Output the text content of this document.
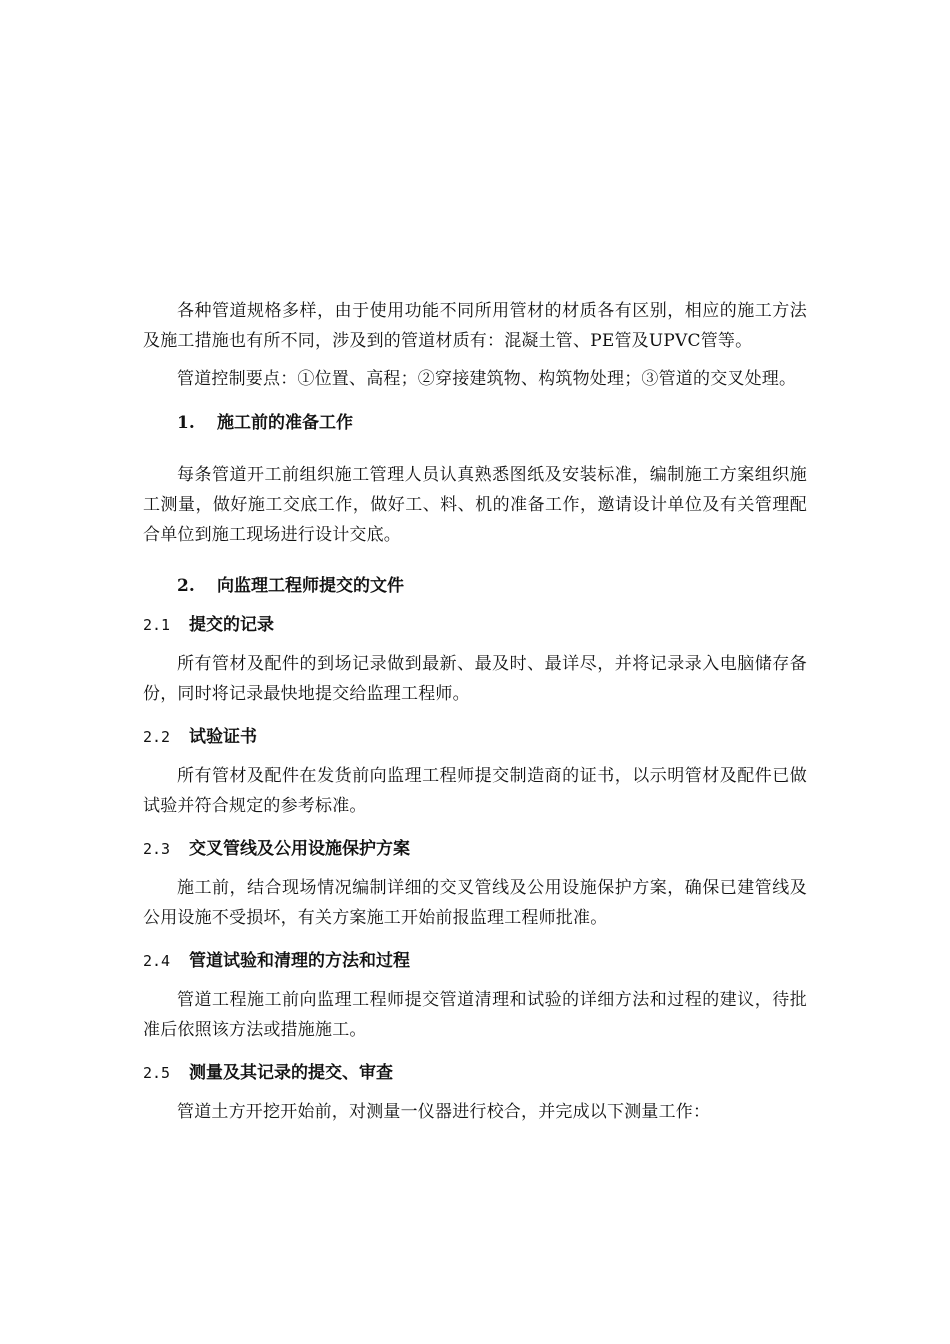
各种管道规格多样，由于使用功能不同所用管材的材质各有区别，相应的施工方法及施工措施也有所不同，涉及到的管道材质有：混凝土管、PE管及UPVC管等。

管道控制要点：①位置、高程；②穿接建筑物、构筑物处理；③管道的交叉处理。

1. 施工前的准备工作

每条管道开工前组织施工管理人员认真熟悉图纸及安装标准，编制施工方案组织施工测量，做好施工交底工作，做好工、料、机的准备工作，邀请设计单位及有关管理配合单位到施工现场进行设计交底。

2. 向监理工程师提交的文件
2.1 提交的记录

所有管材及配件的到场记录做到最新、最及时、最详尽，并将记录录入电脑储存备份，同时将记录最快地提交给监理工程师。

2.2 试验证书

所有管材及配件在发货前向监理工程师提交制造商的证书，以示明管材及配件已做试验并符合规定的参考标准。

2.3 交叉管线及公用设施保护方案

施工前，结合现场情况编制详细的交叉管线及公用设施保护方案，确保已建管线及公用设施不受损坏，有关方案施工开始前报监理工程师批准。

2.4 管道试验和清理的方法和过程

管道工程施工前向监理工程师提交管道清理和试验的详细方法和过程的建议，待批准后依照该方法或措施施工。

2.5 测量及其记录的提交、审查

管道土方开挖开始前，对测量一仪器进行校合，并完成以下测量工作：
